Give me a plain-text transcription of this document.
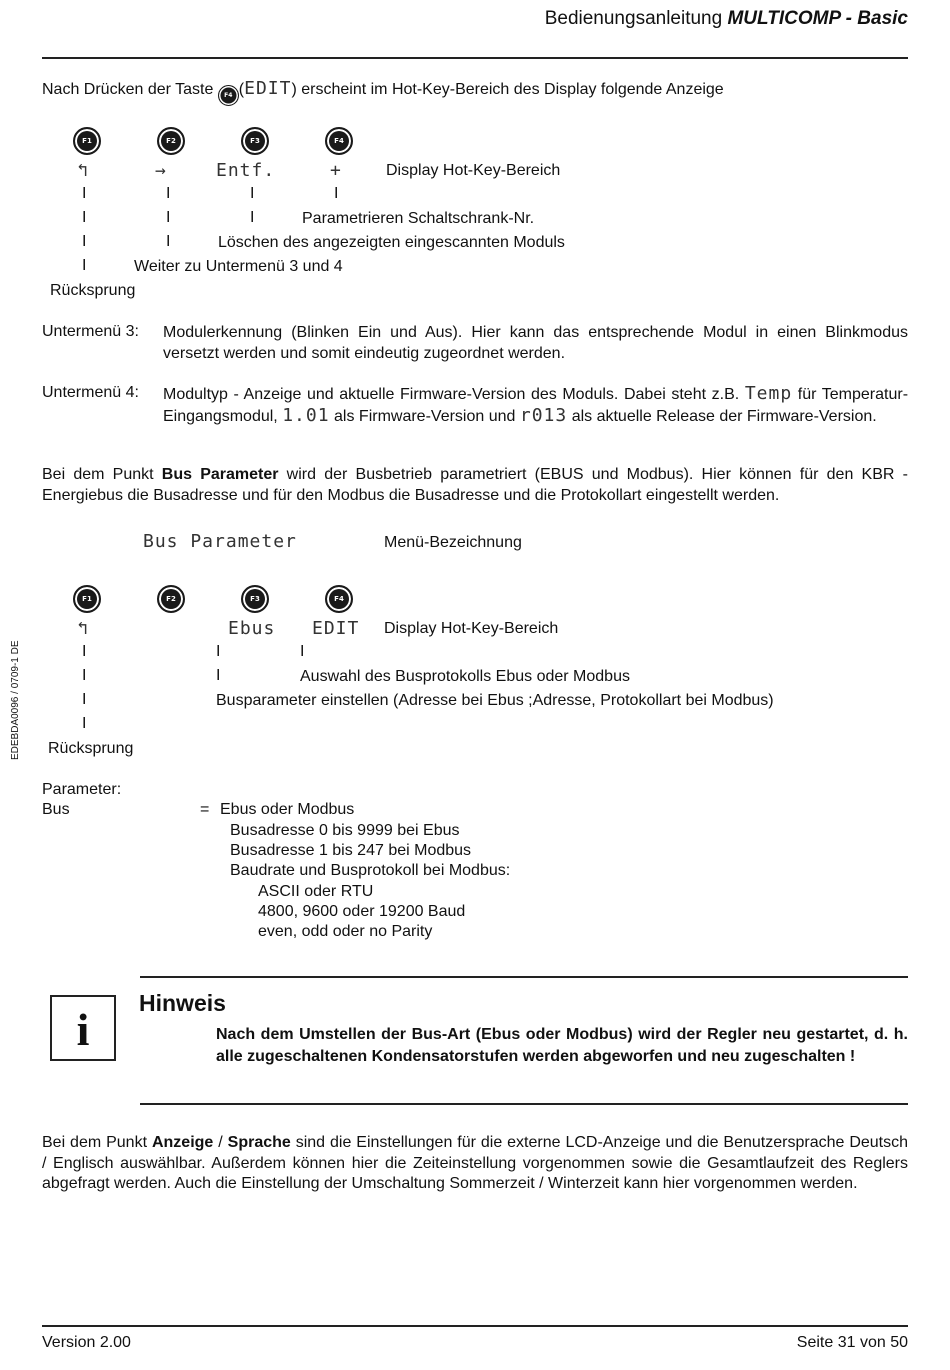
Bedienungsanleitung MULTICOMP - Basic
EDEBDA0096 / 0709-1 DE
Nach Drücken der Taste F4 (EDIT) erscheint im Hot-Key-Bereich des Display folgende Anzeige
F1	F2	F3	F4
↰	→	Entf.	+	Display Hot-Key-Bereich
I	I	I	I
I	I	I	Parametrieren Schaltschrank-Nr.
I	I	Löschen des angezeigten eingescannten Moduls
I	Weiter zu Untermenü 3 und 4
Rücksprung
Untermenü 3: Modulerkennung (Blinken Ein und Aus). Hier kann das entsprechende Modul in einen Blinkmodus versetzt werden und somit eindeutig zugeordnet werden.
Untermenü 4: Modultyp - Anzeige und aktuelle Firmware-Version des Moduls. Dabei steht z.B. Temp für Temperatur-Eingangsmodul, 1.01 als Firmware-Version und r013 als aktuelle Release der Firmware-Version.
Bei dem Punkt Bus Parameter wird der Busbetrieb parametriert (EBUS und Modbus). Hier können für den KBR - Energiebus die Busadresse und für den Modbus die Busadresse und die Protokollart eingestellt werden.
Bus Parameter	Menü-Bezeichnung
F1	F2	F3	F4
↰	Ebus EDIT Display Hot-Key-Bereich
I	I	I
I	I	Auswahl des Busprotokolls Ebus oder Modbus
I	Busparameter einstellen (Adresse bei Ebus ;Adresse, Protokollart bei Modbus)
I
Rücksprung
Parameter:
Bus	= Ebus oder Modbus
Busadresse 0 bis 9999 bei Ebus
Busadresse 1 bis 247 bei Modbus
Baudrate und Busprotokoll bei Modbus:
ASCII oder RTU
4800, 9600 oder 19200 Baud
even, odd oder no Parity
i
Hinweis
Nach dem Umstellen der Bus-Art (Ebus oder Modbus) wird der Regler neu gestartet, d. h. alle zugeschaltenen Kondensatorstufen werden abgeworfen und neu zugeschalten !
Bei dem Punkt Anzeige / Sprache sind die Einstellungen für die externe LCD-Anzeige und die Benutzersprache Deutsch / Englisch auswählbar. Außerdem können hier die Zeiteinstellung vorgenommen sowie die Gesamtlaufzeit des Reglers abgefragt werden. Auch die Einstellung der Umschaltung Sommerzeit / Winterzeit kann hier vorgenommen werden.
Version 2.00	Seite 31 von 50
